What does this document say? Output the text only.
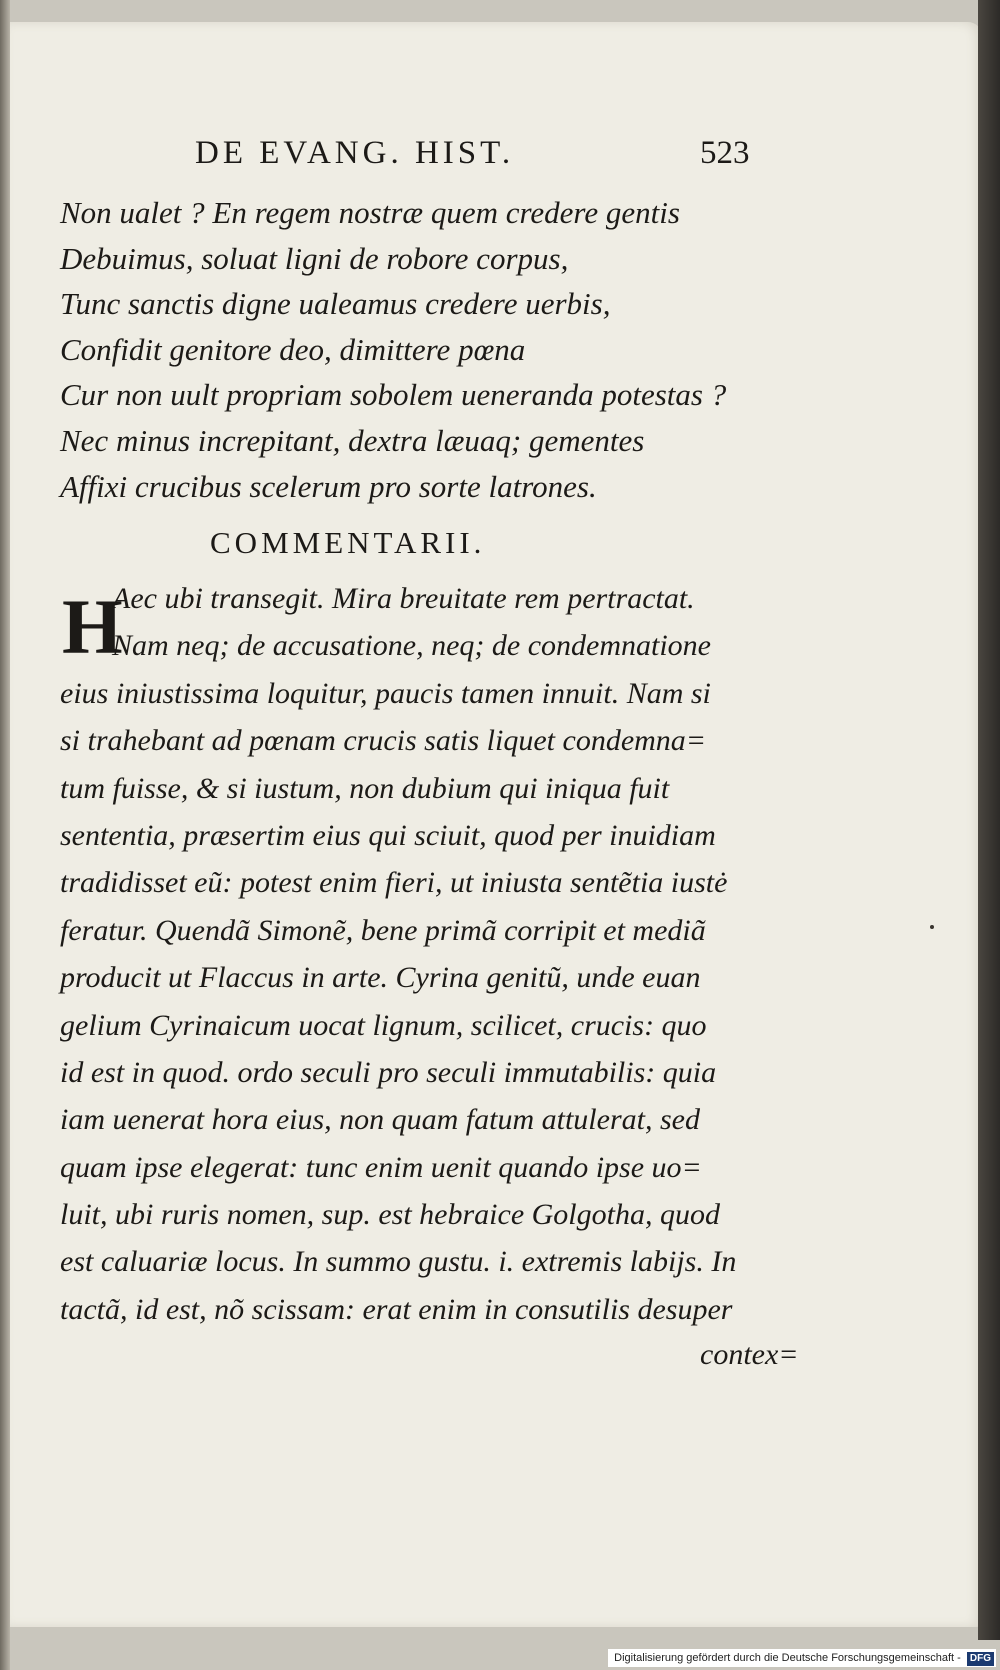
DE EVANG. HIST.	523
Non ualet ? En regem nostræ quem credere gentis
Debuimus, soluat ligni de robore corpus,
Tunc sanctis digne ualeamus credere uerbis,
Confidit genitore deo, dimittere pœna
Cur non uult propriam sobolem ueneranda potestas ?
Nec minus increpitant, dextra læuaq; gementes
Affixi crucibus scelerum pro sorte latrones.
COMMENTARII.
H
Aec ubi transegit. Mira breuitate rem pertractat.
Nam neq; de accusatione, neq; de condemnatione
eius iniustissima loquitur, paucis tamen innuit. Nam si
si trahebant ad pœnam crucis satis liquet condemna=
tum fuisse, & si iustum, non dubium qui iniqua fuit
sententia, præsertim eius qui sciuit, quod per inuidiam
tradidisset eũ: potest enim fieri, ut iniusta sentẽtia iustė
feratur. Quendã Simonẽ, bene primã corripit et mediã
producit ut Flaccus in arte. Cyrina genitũ, unde euan
gelium Cyrinaicum uocat lignum, scilicet, crucis: quo
id est in quod. ordo seculi pro seculi immutabilis: quia
iam uenerat hora eius, non quam fatum attulerat, sed
quam ipse elegerat: tunc enim uenit quando ipse uo=
luit, ubi ruris nomen, sup. est hebraice Golgotha, quod
est caluariæ locus. In summo gustu. i. extremis labijs. In
tactã, id est, nõ scissam: erat enim in consutilis desuper
contex=
Digitalisierung gefördert durch die Deutsche Forschungsgemeinschaft - DFG
